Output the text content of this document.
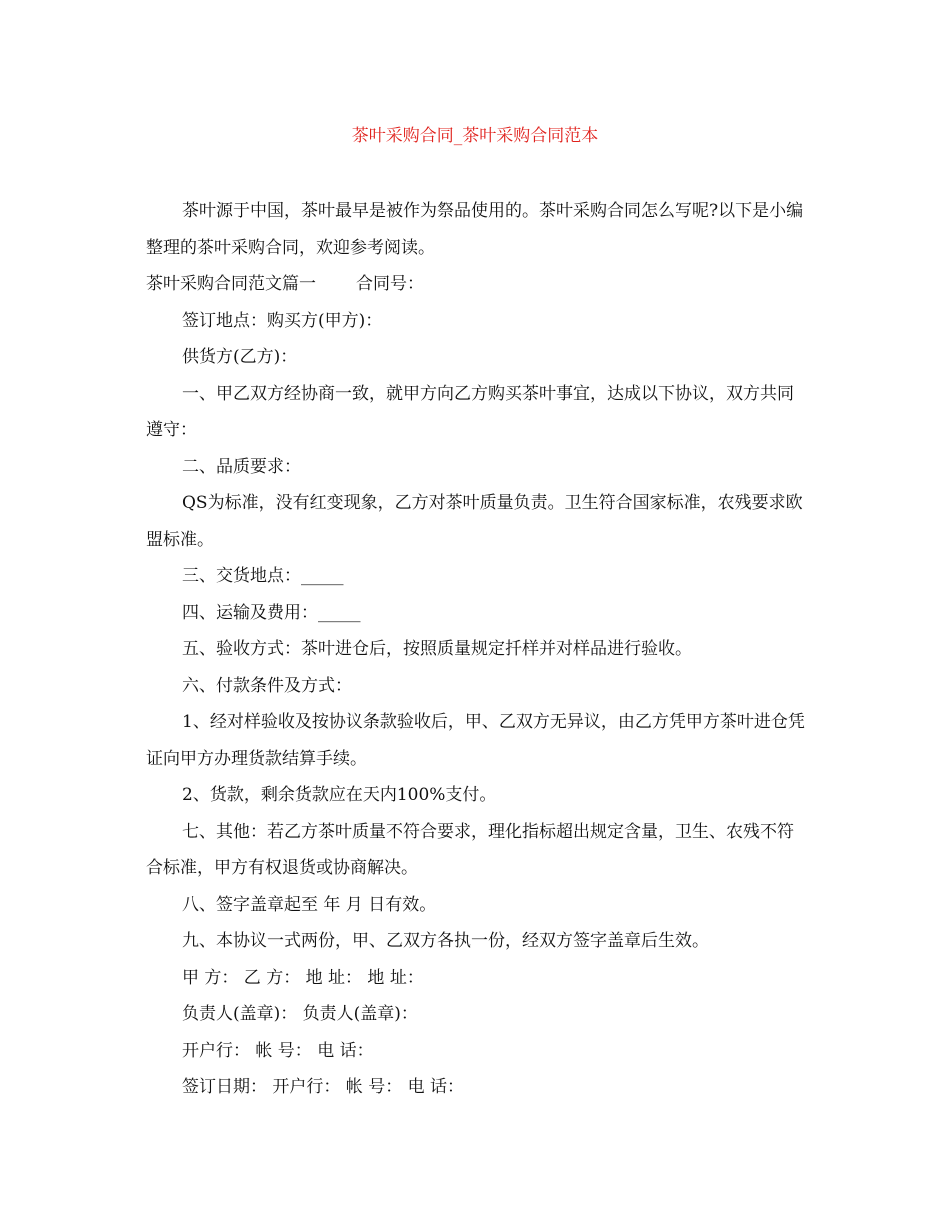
茶叶采购合同_茶叶采购合同范本

茶叶源于中国，茶叶最早是被作为祭品使用的。茶叶采购合同怎么写呢?以下是小编整理的茶叶采购合同，欢迎参考阅读。

茶叶采购合同范文篇一 合同号：

签订地点：购买方(甲方)：

供货方(乙方)：

一、甲乙双方经协商一致，就甲方向乙方购买茶叶事宜，达成以下协议，双方共同遵守：

二、品质要求：

QS为标准，没有红变现象，乙方对茶叶质量负责。卫生符合国家标准，农残要求欧盟标准。

三、交货地点：_____

四、运输及费用：_____

五、验收方式：茶叶进仓后，按照质量规定扦样并对样品进行验收。

六、付款条件及方式：

1、经对样验收及按协议条款验收后，甲、乙双方无异议，由乙方凭甲方茶叶进仓凭证向甲方办理货款结算手续。

2、货款，剩余货款应在天内100%支付。

七、其他：若乙方茶叶质量不符合要求，理化指标超出规定含量，卫生、农残不符合标准，甲方有权退货或协商解决。

八、签字盖章起至 年 月 日有效。

九、本协议一式两份，甲、乙双方各执一份，经双方签字盖章后生效。

甲 方： 乙 方： 地 址： 地 址：

负责人(盖章)： 负责人(盖章)：

开户行： 帐 号： 电 话：

签订日期： 开户行： 帐 号： 电 话：
